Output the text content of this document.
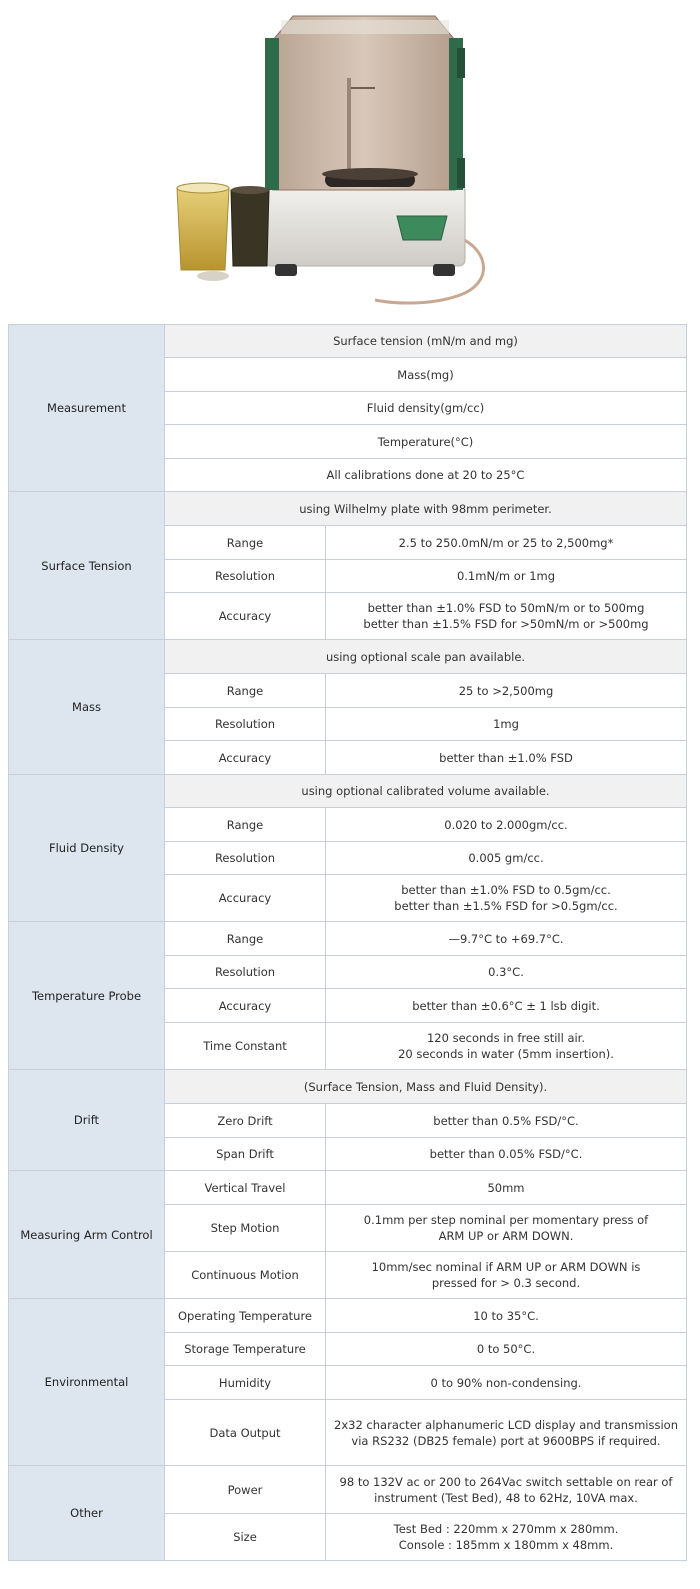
Measurement	Surface tension (mN/m and mg)	
	Mass(mg)	
	Fluid density(gm/cc)	
	Temperature(°C)	
	All calibrations done at 20 to 25°C	
Surface Tension	using Wilhelmy plate with 98mm perimeter.	
	Range	2.5 to 250.0mN/m or 25 to 2,500mg*
	Resolution	0.1mN/m or 1mg
	Accuracy	better than ±1.0% FSD to 50mN/m or to 500mg
better than ±1.5% FSD for >50mN/m or >500mg
Mass	using optional scale pan available.	
	Range	25 to >2,500mg
	Resolution	1mg
	Accuracy	better than ±1.0% FSD
Fluid Density	using optional calibrated volume available.	
	Range	0.020 to 2.000gm/cc.
	Resolution	0.005 gm/cc.
	Accuracy	better than ±1.0% FSD to 0.5gm/cc.
better than ±1.5% FSD for >0.5gm/cc.
Temperature Probe	Range	—9.7°C to +69.7°C.
	Resolution	0.3°C.
	Accuracy	better than ±0.6°C ± 1 lsb digit.
	Time Constant	120 seconds in free still air.
20 seconds in water (5mm insertion).
Drift	(Surface Tension, Mass and Fluid Density).	
	Zero Drift	better than 0.5% FSD/°C.
	Span Drift	better than 0.05% FSD/°C.
Measuring Arm Control	Vertical Travel	50mm
	Step Motion	0.1mm per step nominal per momentary press of
ARM UP or ARM DOWN.
	Continuous Motion	10mm/sec nominal if ARM UP or ARM DOWN is
pressed for > 0.3 second.
Environmental	Operating Temperature	10 to 35°C.
	Storage Temperature	0 to 50°C.
	Humidity	0 to 90% non-condensing.
	Data Output	2x32 character alphanumeric LCD display and transmission
via RS232 (DB25 female) port at 9600BPS if required.
Other	Power	98 to 132V ac or 200 to 264Vac switch settable on rear of
instrument (Test Bed), 48 to 62Hz, 10VA max.
	Size	Test Bed : 220mm x 270mm x 280mm.
Console : 185mm x 180mm x 48mm.
